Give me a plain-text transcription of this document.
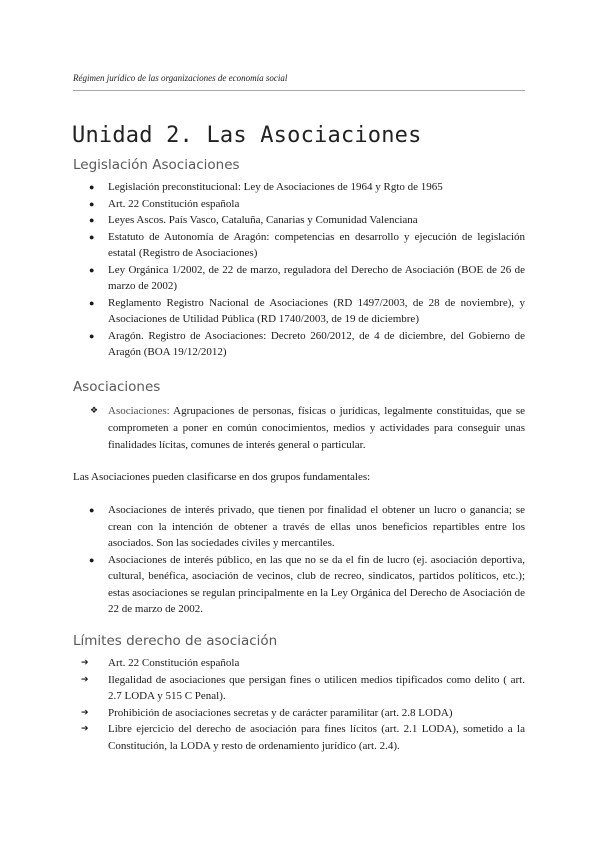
Régimen jurídico de las organizaciones de economía social
Unidad 2. Las Asociaciones
Legislación Asociaciones
● Legislación preconstitucional: Ley de Asociaciones de 1964 y Rgto de 1965
● Art. 22 Constitución española
● Leyes Ascos. País Vasco, Cataluña, Canarias y Comunidad Valenciana
● Estatuto de Autonomía de Aragón: competencias en desarrollo y ejecución de legislación estatal (Registro de Asociaciones)
● Ley Orgánica 1/2002, de 22 de marzo, reguladora del Derecho de Asociación (BOE de 26 de marzo de 2002)
● Reglamento Registro Nacional de Asociaciones (RD 1497/2003, de 28 de noviembre), y Asociaciones de Utilidad Pública (RD 1740/2003, de 19 de diciembre)
● Aragón. Registro de Asociaciones: Decreto 260/2012, de 4 de diciembre, del Gobierno de Aragón (BOA 19/12/2012)
Asociaciones
❖ Asociaciones: Agrupaciones de personas, físicas o jurídicas, legalmente constituidas, que se comprometen a poner en común conocimientos, medios y actividades para conseguir unas finalidades lícitas, comunes de interés general o particular.

Las Asociaciones pueden clasificarse en dos grupos fundamentales:

● Asociaciones de interés privado, que tienen por finalidad el obtener un lucro o ganancia; se crean con la intención de obtener a través de ellas unos beneficios repartibles entre los asociados. Son las sociedades civiles y mercantiles.
● Asociaciones de interés público, en las que no se da el fin de lucro (ej. asociación deportiva, cultural, benéfica, asociación de vecinos, club de recreo, sindicatos, partidos políticos, etc.); estas asociaciones se regulan principalmente en la Ley Orgánica del Derecho de Asociación de 22 de marzo de 2002.
Límites derecho de asociación
➔ Art. 22 Constitución española
➔ Ilegalidad de asociaciones que persigan fines o utilicen medios tipificados como delito ( art. 2.7 LODA y 515 C Penal).
➔ Prohibición de asociaciones secretas y de carácter paramilitar (art. 2.8 LODA)
➔ Libre ejercicio del derecho de asociación para fines lícitos (art. 2.1 LODA), sometido a la Constitución, la LODA y resto de ordenamiento jurídico (art. 2.4).
